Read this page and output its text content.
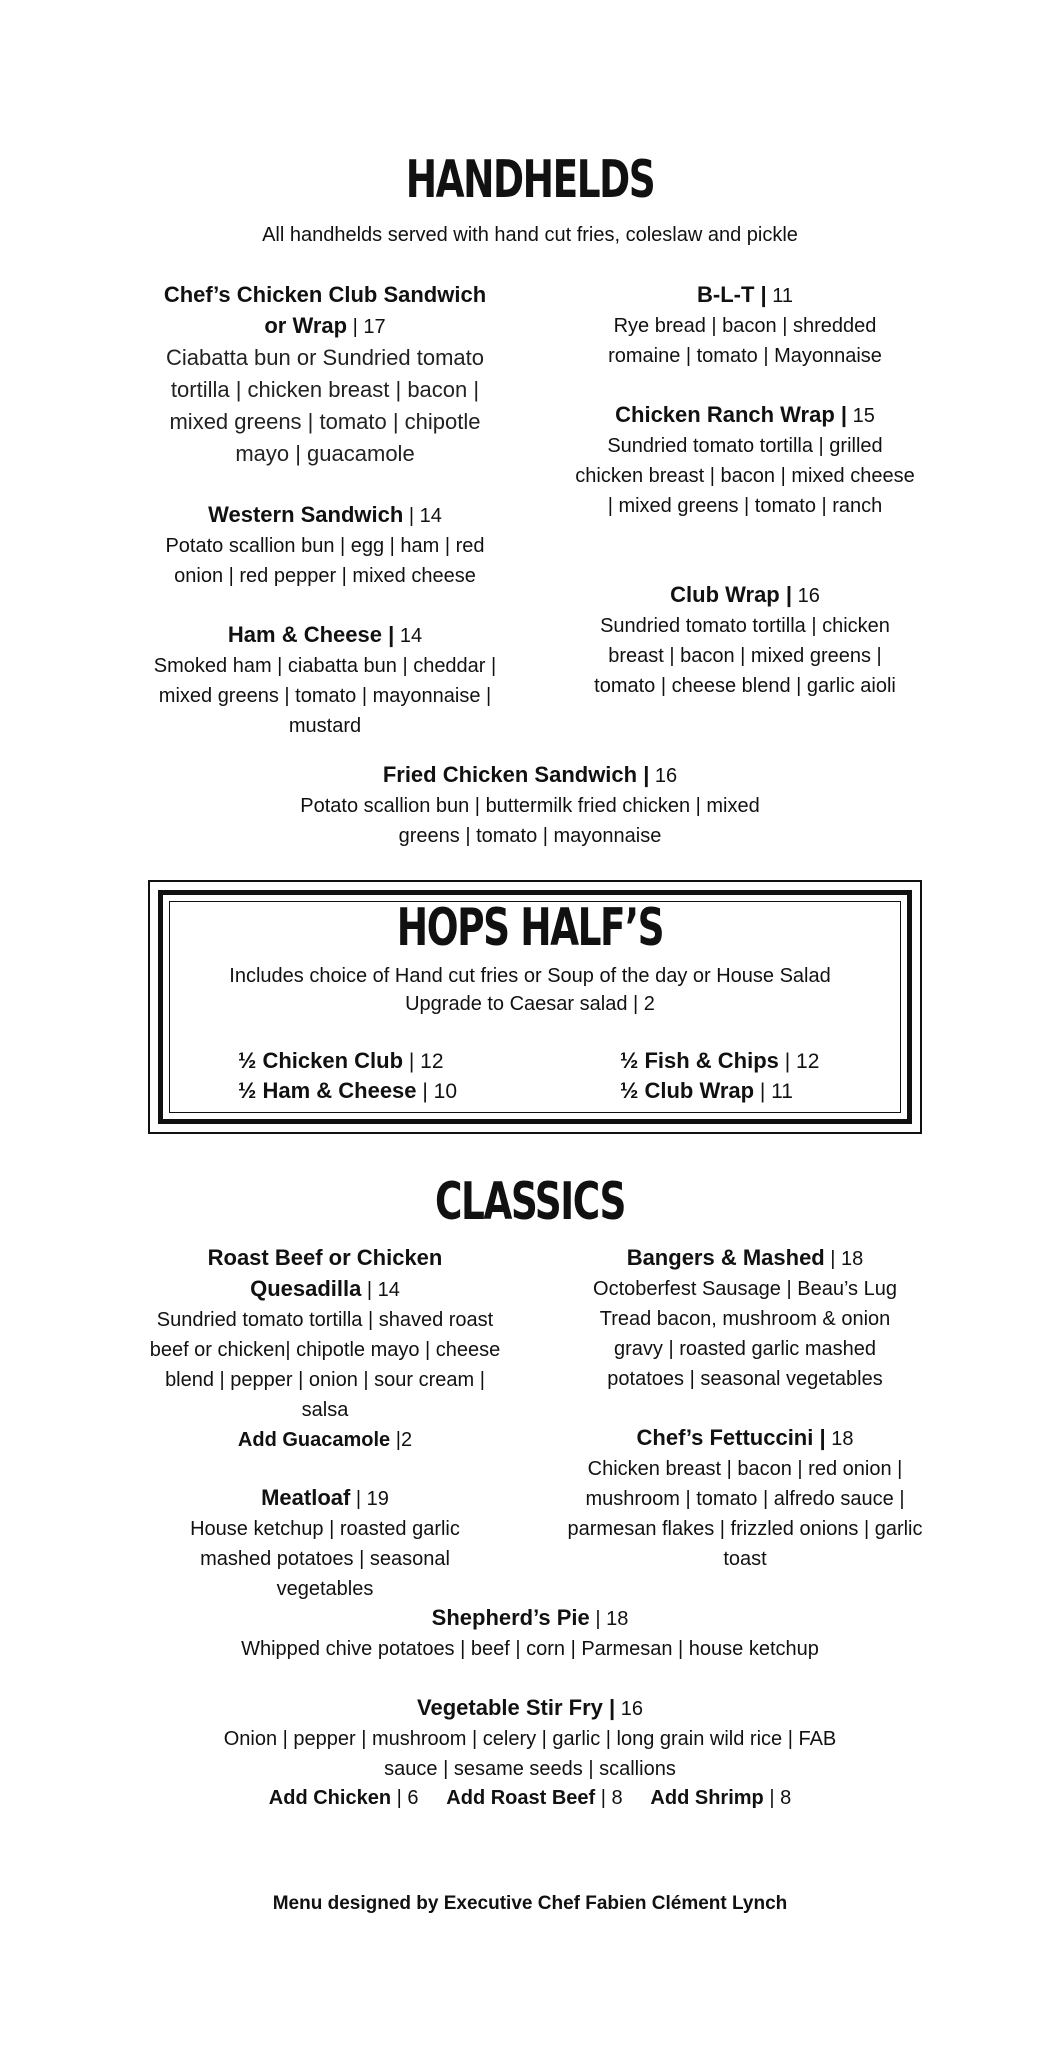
HANDHELDS
All handhelds served with hand cut fries, coleslaw and pickle
Chef’s Chicken Club Sandwich
or Wrap | 17
Ciabatta bun or Sundried tomato tortilla | chicken breast | bacon | mixed greens | tomato | chipotle mayo | guacamole
B-L-T | 11
Rye bread | bacon | shredded romaine | tomato | Mayonnaise
Western Sandwich | 14
Potato scallion bun | egg | ham | red onion | red pepper | mixed cheese
Chicken Ranch Wrap | 15
Sundried tomato tortilla | grilled chicken breast | bacon | mixed cheese | mixed greens | tomato | ranch
Ham & Cheese | 14
Smoked ham | ciabatta bun | cheddar | mixed greens | tomato | mayonnaise | mustard
Club Wrap | 16
Sundried tomato tortilla | chicken breast | bacon | mixed greens | tomato | cheese blend | garlic aioli
Fried Chicken Sandwich | 16
Potato scallion bun | buttermilk fried chicken | mixed greens | tomato | mayonnaise
HOPS HALF’S
Includes choice of Hand cut fries or Soup of the day or House Salad
Upgrade to Caesar salad | 2
½ Chicken Club | 12
½ Ham & Cheese | 10
½ Fish & Chips | 12
½ Club Wrap | 11
CLASSICS
Roast Beef or Chicken
Quesadilla | 14
Sundried tomato tortilla | shaved roast beef or chicken| chipotle mayo | cheese blend | pepper | onion | sour cream | salsa
Add Guacamole |2
Bangers & Mashed | 18
Octoberfest Sausage | Beau’s Lug Tread bacon, mushroom & onion gravy | roasted garlic mashed potatoes | seasonal vegetables
Meatloaf | 19
House ketchup | roasted garlic mashed potatoes | seasonal vegetables
Chef’s Fettuccini | 18
Chicken breast | bacon | red onion | mushroom | tomato | alfredo sauce | parmesan flakes | frizzled onions | garlic toast
Shepherd’s Pie | 18
Whipped chive potatoes | beef | corn | Parmesan | house ketchup
Vegetable Stir Fry | 16
Onion | pepper | mushroom | celery | garlic | long grain wild rice | FAB sauce | sesame seeds | scallions
Add Chicken | 6 Add Roast Beef | 8 Add Shrimp | 8
Menu designed by Executive Chef Fabien Clément Lynch
